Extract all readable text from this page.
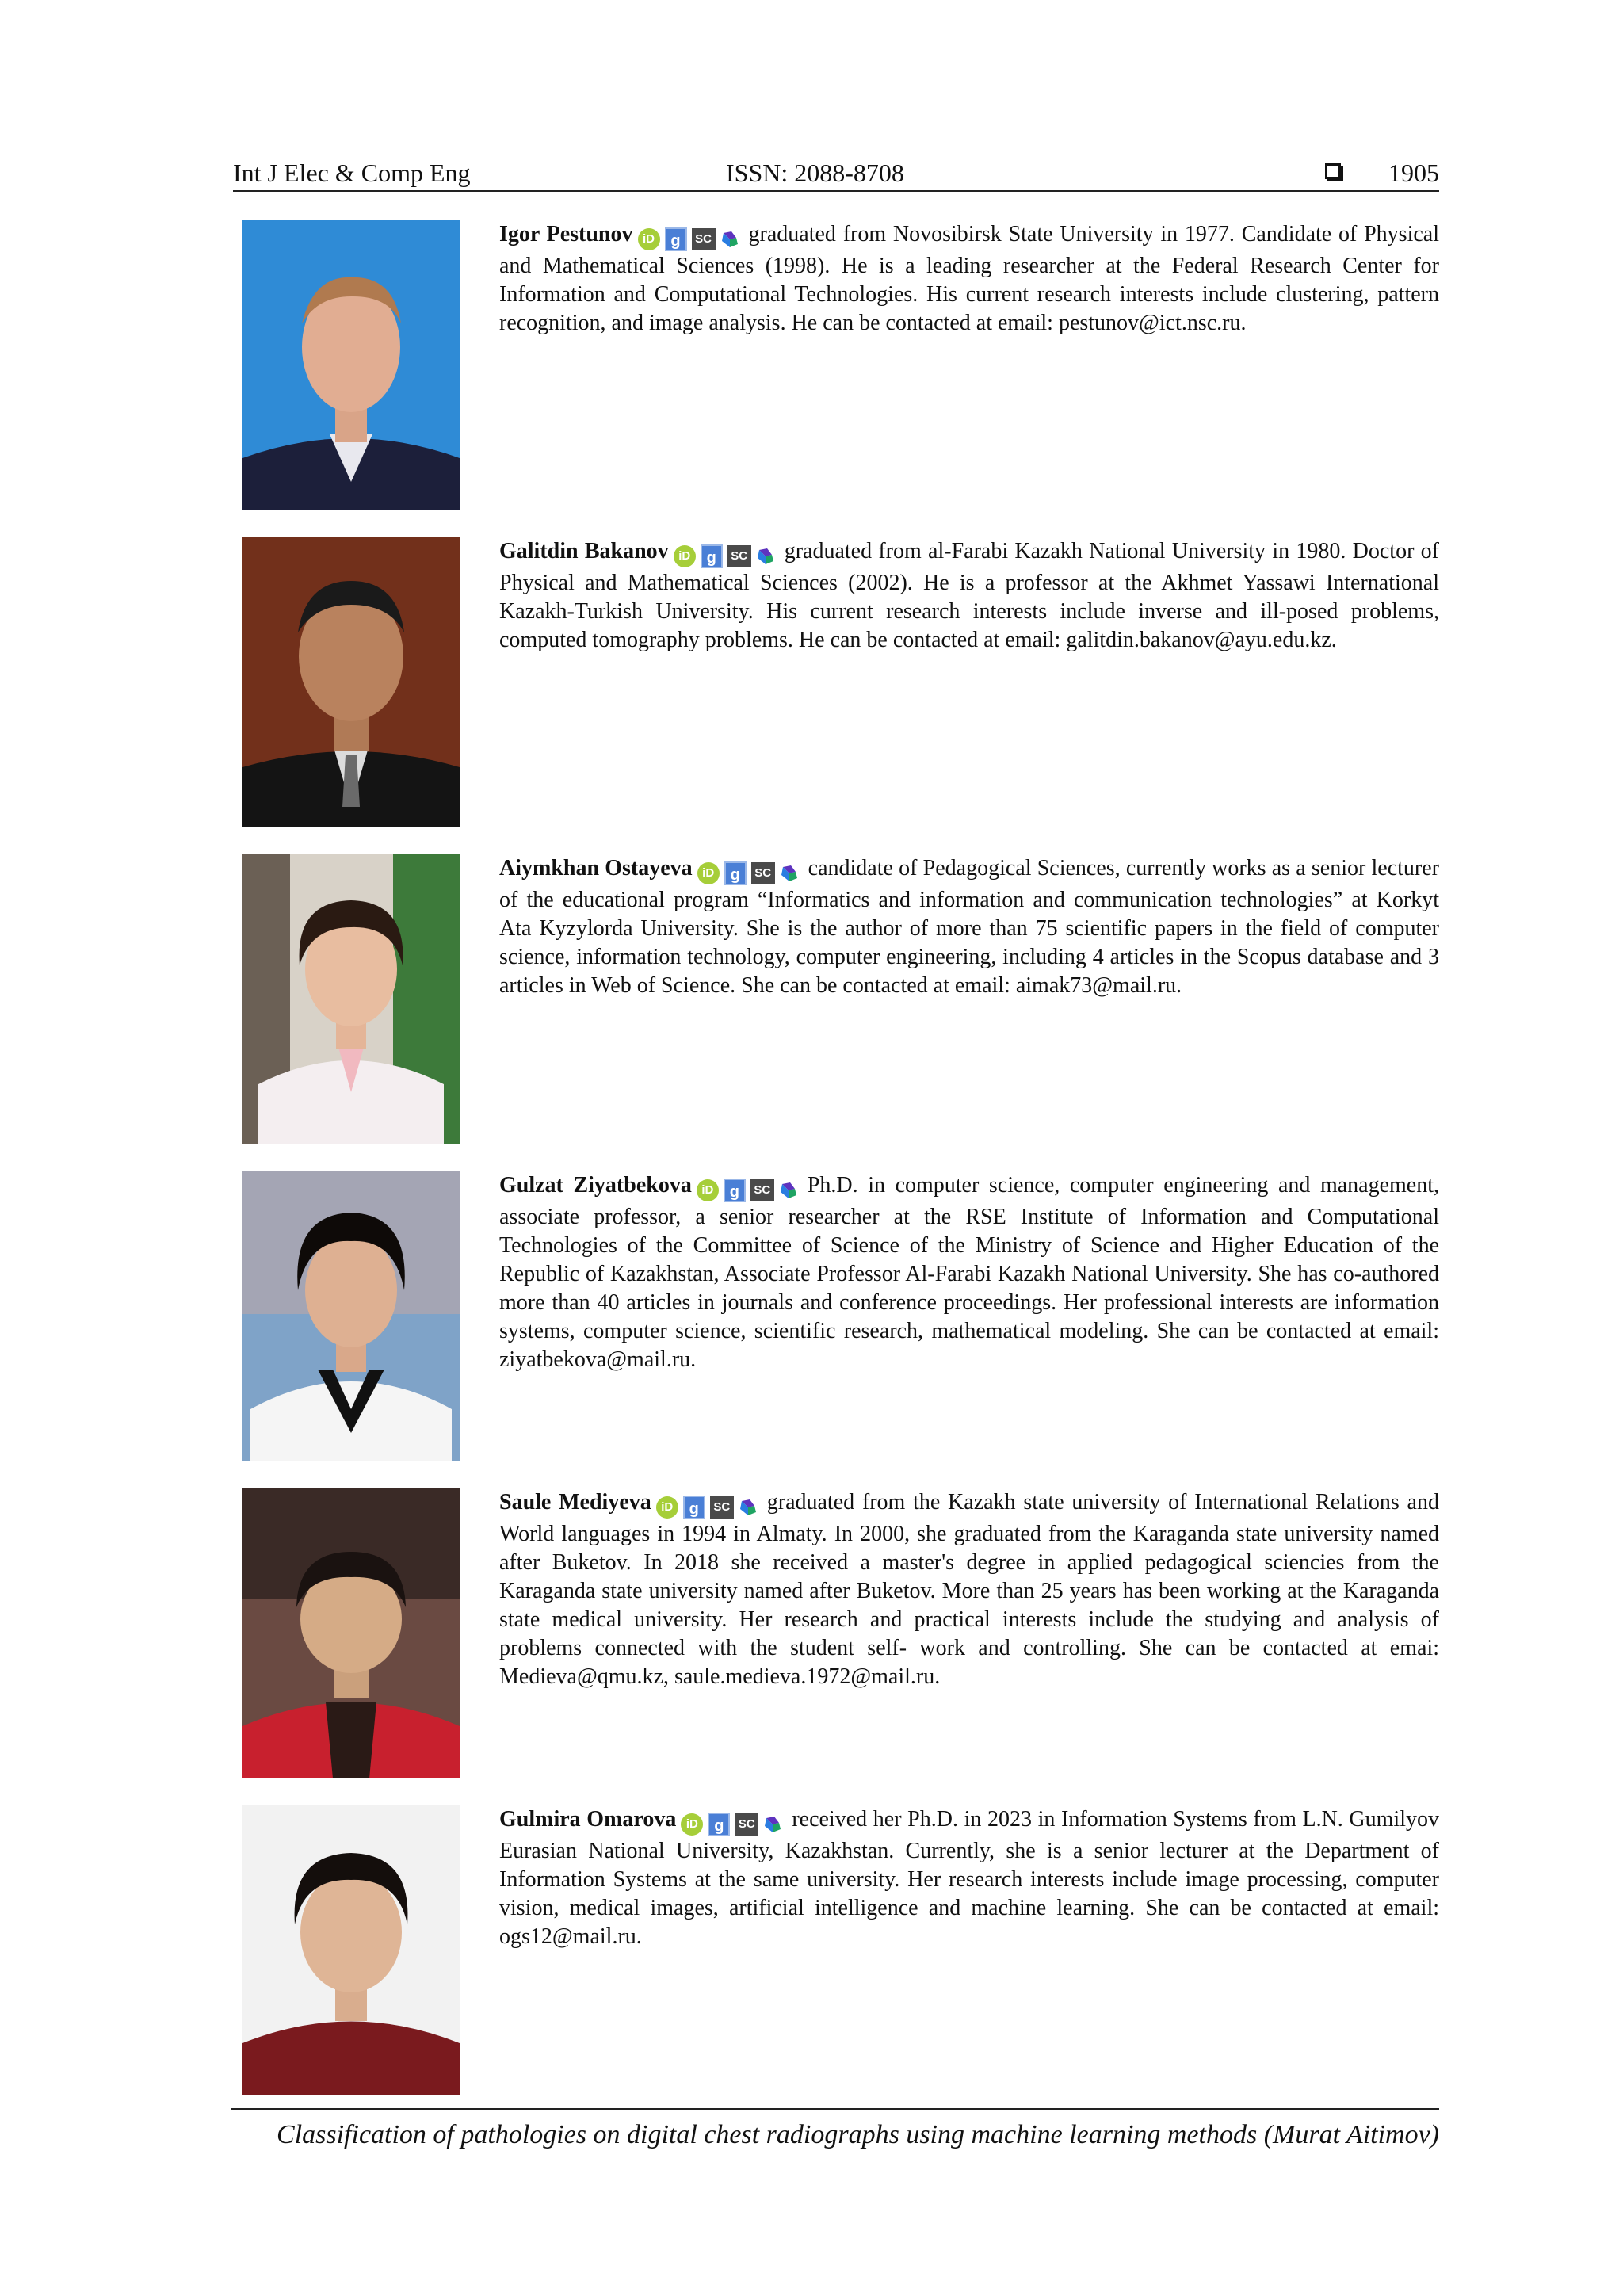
Int J Elec & Comp Eng	ISSN: 2088-8708	1905
Igor Pestunov iD g SC graduated from Novosibirsk State University in 1977. Candidate of Physical and Mathematical Sciences (1998). He is a leading researcher at the Federal Research Center for Information and Computational Technologies. His current research interests include clustering, pattern recognition, and image analysis. He can be contacted at email: pestunov@ict.nsc.ru.
Galitdin Bakanov iD g SC graduated from al-Farabi Kazakh National University in 1980. Doctor of Physical and Mathematical Sciences (2002). He is a professor at the Akhmet Yassawi International Kazakh-Turkish University. His current research interests include inverse and ill-posed problems, computed tomography problems. He can be contacted at email: galitdin.bakanov@ayu.edu.kz.
Aiymkhan Ostayeva iD g SC candidate of Pedagogical Sciences, currently works as a senior lecturer of the educational program “Informatics and information and communication technologies” at Korkyt Ata Kyzylorda University. She is the author of more than 75 scientific papers in the field of computer science, information technology, computer engineering, including 4 articles in the Scopus database and 3 articles in Web of Science. She can be contacted at email: aimak73@mail.ru.
Gulzat Ziyatbekova iD g SC Ph.D. in computer science, computer engineering and management, associate professor, a senior researcher at the RSE Institute of Information and Computational Technologies of the Committee of Science of the Ministry of Science and Higher Education of the Republic of Kazakhstan, Associate Professor Al-Farabi Kazakh National University. She has co-authored more than 40 articles in journals and conference proceedings. Her professional interests are information systems, computer science, scientific research, mathematical modeling. She can be contacted at email: ziyatbekova@mail.ru.
Saule Mediyeva iD g SC graduated from the Kazakh state university of International Relations and World languages in 1994 in Almaty. In 2000, she graduated from the Karaganda state university named after Buketov. In 2018 she received a master's degree in applied pedagogical sciencies from the Karaganda state university named after Buketov. More than 25 years has been working at the Karaganda state medical university. Her research and practical interests include the studying and analysis of problems connected with the student self- work and controlling. She can be contacted at emai: Medieva@qmu.kz, saule.medieva.1972@mail.ru.
Gulmira Omarova iD g SC received her Ph.D. in 2023 in Information Systems from L.N. Gumilyov Eurasian National University, Kazakhstan. Currently, she is a senior lecturer at the Department of Information Systems at the same university. Her research interests include image processing, computer vision, medical images, artificial intelligence and machine learning. She can be contacted at email: ogs12@mail.ru.
Classification of pathologies on digital chest radiographs using machine learning methods (Murat Aitimov)
